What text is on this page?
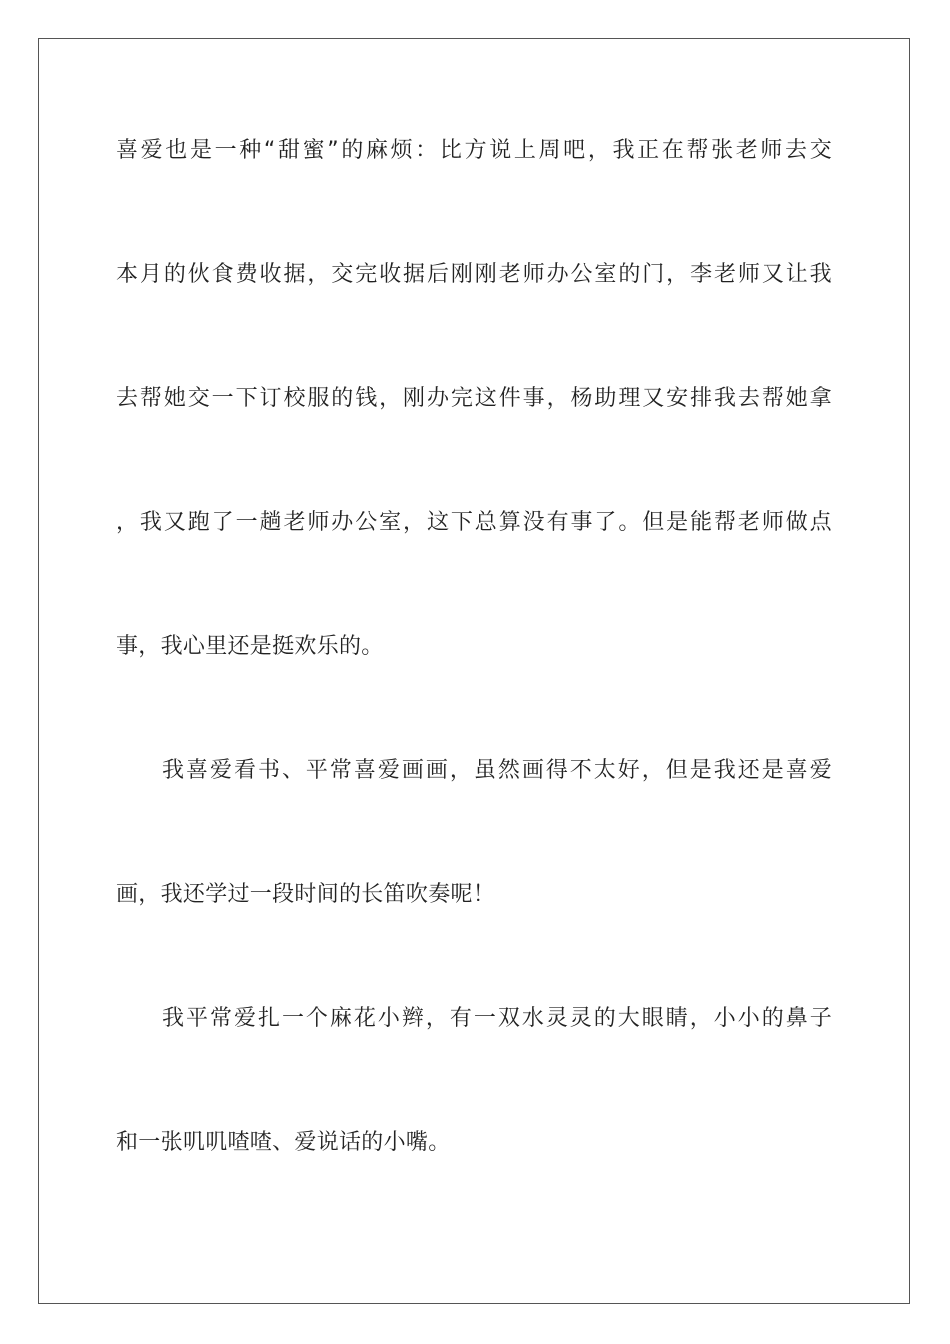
喜爱也是一种“甜蜜”的麻烦：比方说上周吧，我正在帮张老师去交
本月的伙食费收据，交完收据后刚刚老师办公室的门，李老师又让我
去帮她交一下订校服的钱，刚办完这件事，杨助理又安排我去帮她拿
，我又跑了一趟老师办公室，这下总算没有事了。但是能帮老师做点
事，我心里还是挺欢乐的。
我喜爱看书、平常喜爱画画，虽然画得不太好，但是我还是喜爱
画，我还学过一段时间的长笛吹奏呢！
我平常爱扎一个麻花小辫，有一双水灵灵的大眼睛，小小的鼻子
和一张叽叽喳喳、爱说话的小嘴。
